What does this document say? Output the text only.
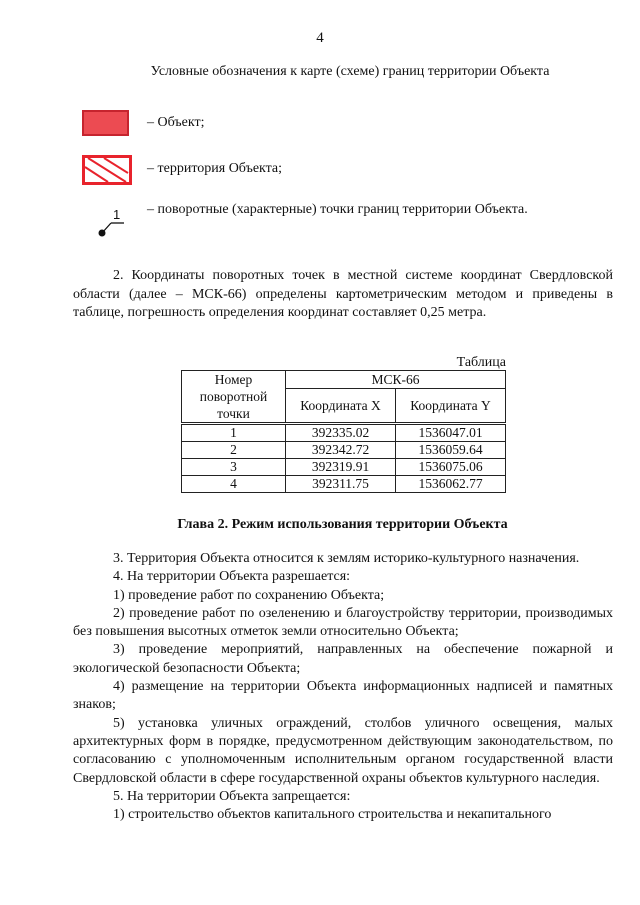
4
Условные обозначения к карте (схеме) границ территории Объекта
– Объект;
– территория Объекта;
1 – поворотные (характерные) точки границ территории Объекта.
2. Координаты поворотных точек в местной системе координат Свердловской области (далее – МСК-66) определены картометрическим методом и приведены в таблице, погрешность определения координат составляет 0,25 метра.
Таблица
Номер поворотной точки	МСК-66	
	Координата X	Координата Y
1	392335.02	1536047.01
2	392342.72	1536059.64
3	392319.91	1536075.06
4	392311.75	1536062.77
Глава 2. Режим использования территории Объекта

3. Территория Объекта относится к землям историко-культурного назначения.

4. На территории Объекта разрешается:

1) проведение работ по сохранению Объекта;

2) проведение работ по озеленению и благоустройству территории, производимых без повышения высотных отметок земли относительно Объекта;

3) проведение мероприятий, направленных на обеспечение пожарной и экологической безопасности Объекта;

4) размещение на территории Объекта информационных надписей и памятных знаков;

5) установка уличных ограждений, столбов уличного освещения, малых архитектурных форм в порядке, предусмотренном действующим законодательством, по согласованию с уполномоченным исполнительным органом государственной власти Свердловской области в сфере государственной охраны объектов культурного наследия.

5. На территории Объекта запрещается:

1) строительство объектов капитального строительства и некапитального
